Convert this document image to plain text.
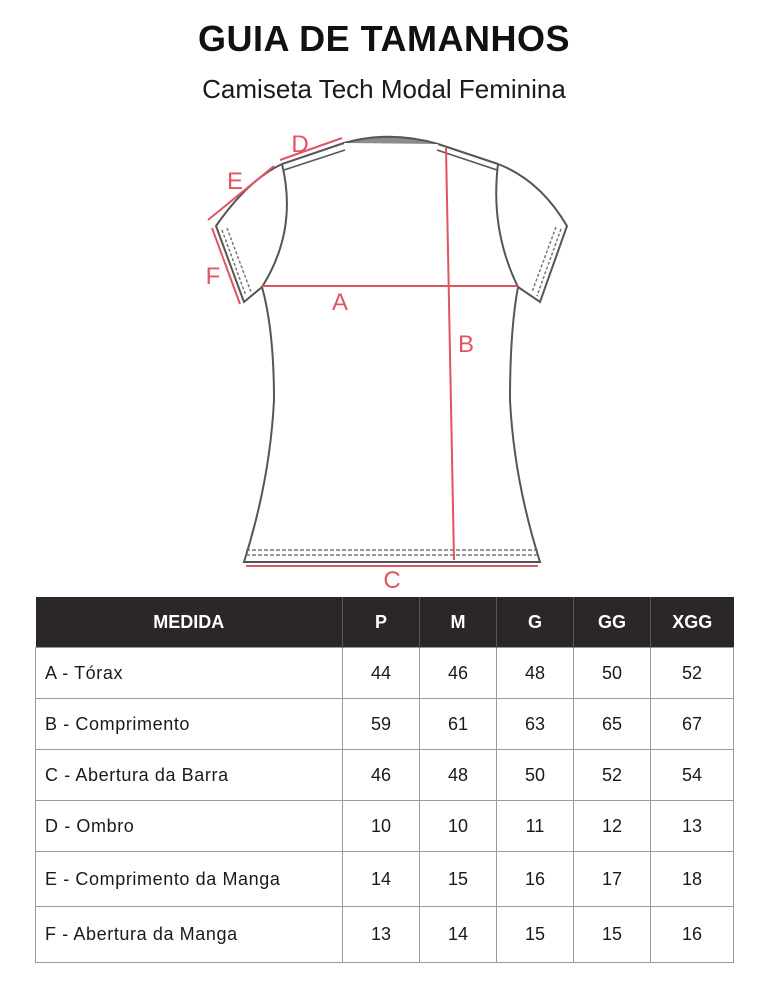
GUIA DE TAMANHOS
Camiseta Tech Modal Feminina
A
B
C
D
E
F
MEDIDA	P	M	G	GG	XGG
A - Tórax	44	46	48	50	52
B - Comprimento	59	61	63	65	67
C - Abertura da Barra	46	48	50	52	54
D - Ombro	10	10	11	12	13
E - Comprimento da Manga	14	15	16	17	18
F - Abertura da Manga	13	14	15	15	16
